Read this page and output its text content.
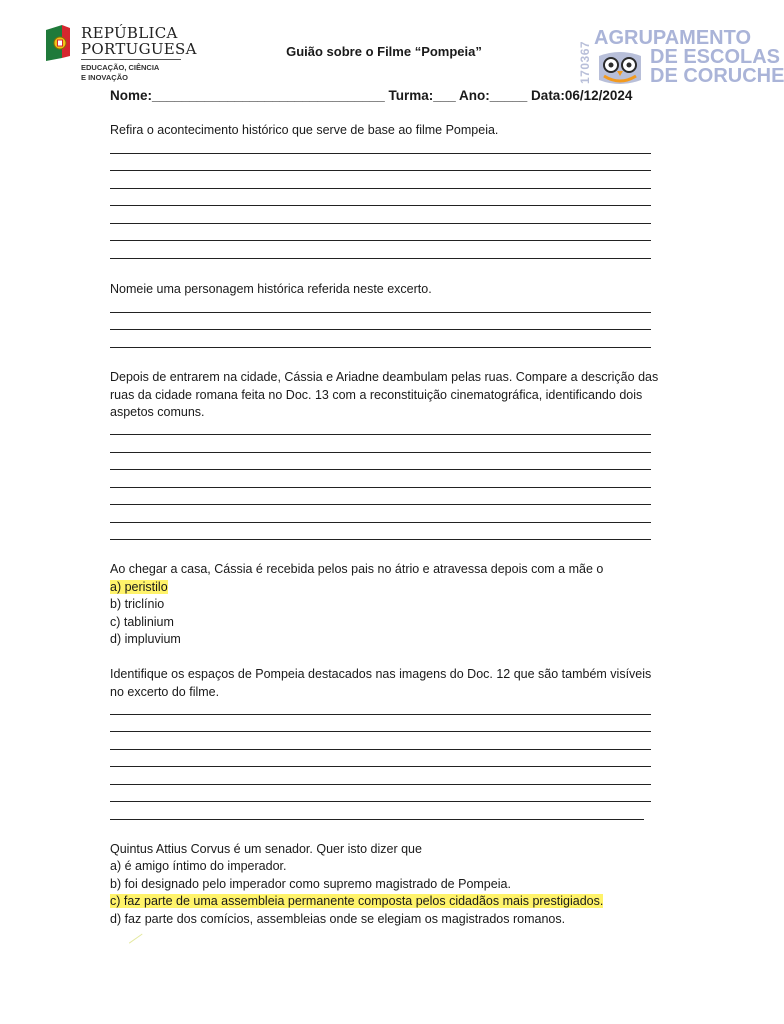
REPÚBLICA
PORTUGUESA
EDUCAÇÃO, CIÊNCIA
E INOVAÇÃO	170367
AGRUPAMENTO
DE ESCOLAS
DE CORUCHE
Guião sobre o Filme “Pompeia”
Nome:_______________________________ Turma:___ Ano:_____ Data:06/12/2024
Refira o acontecimento histórico que serve de base ao filme Pompeia.
Nomeie uma personagem histórica referida neste excerto.
Depois de entrarem na cidade, Cássia e Ariadne deambulam pelas ruas. Compare a descrição das ruas da cidade romana feita no Doc. 13 com a reconstituição cinematográfica, identificando dois aspetos comuns.
Ao chegar a casa, Cássia é recebida pelos pais no átrio e atravessa depois com a mãe o
a) peristilo
b) triclínio
c) tablinium
d) impluvium
Identifique os espaços de Pompeia destacados nas imagens do Doc. 12 que são também visíveis no excerto do filme.
Quintus Attius Corvus é um senador. Quer isto dizer que
a) é amigo íntimo do imperador.
b) foi designado pelo imperador como supremo magistrado de Pompeia.
c) faz parte de uma assembleia permanente composta pelos cidadãos mais prestigiados.
d) faz parte dos comícios, assembleias onde se elegiam os magistrados romanos.
